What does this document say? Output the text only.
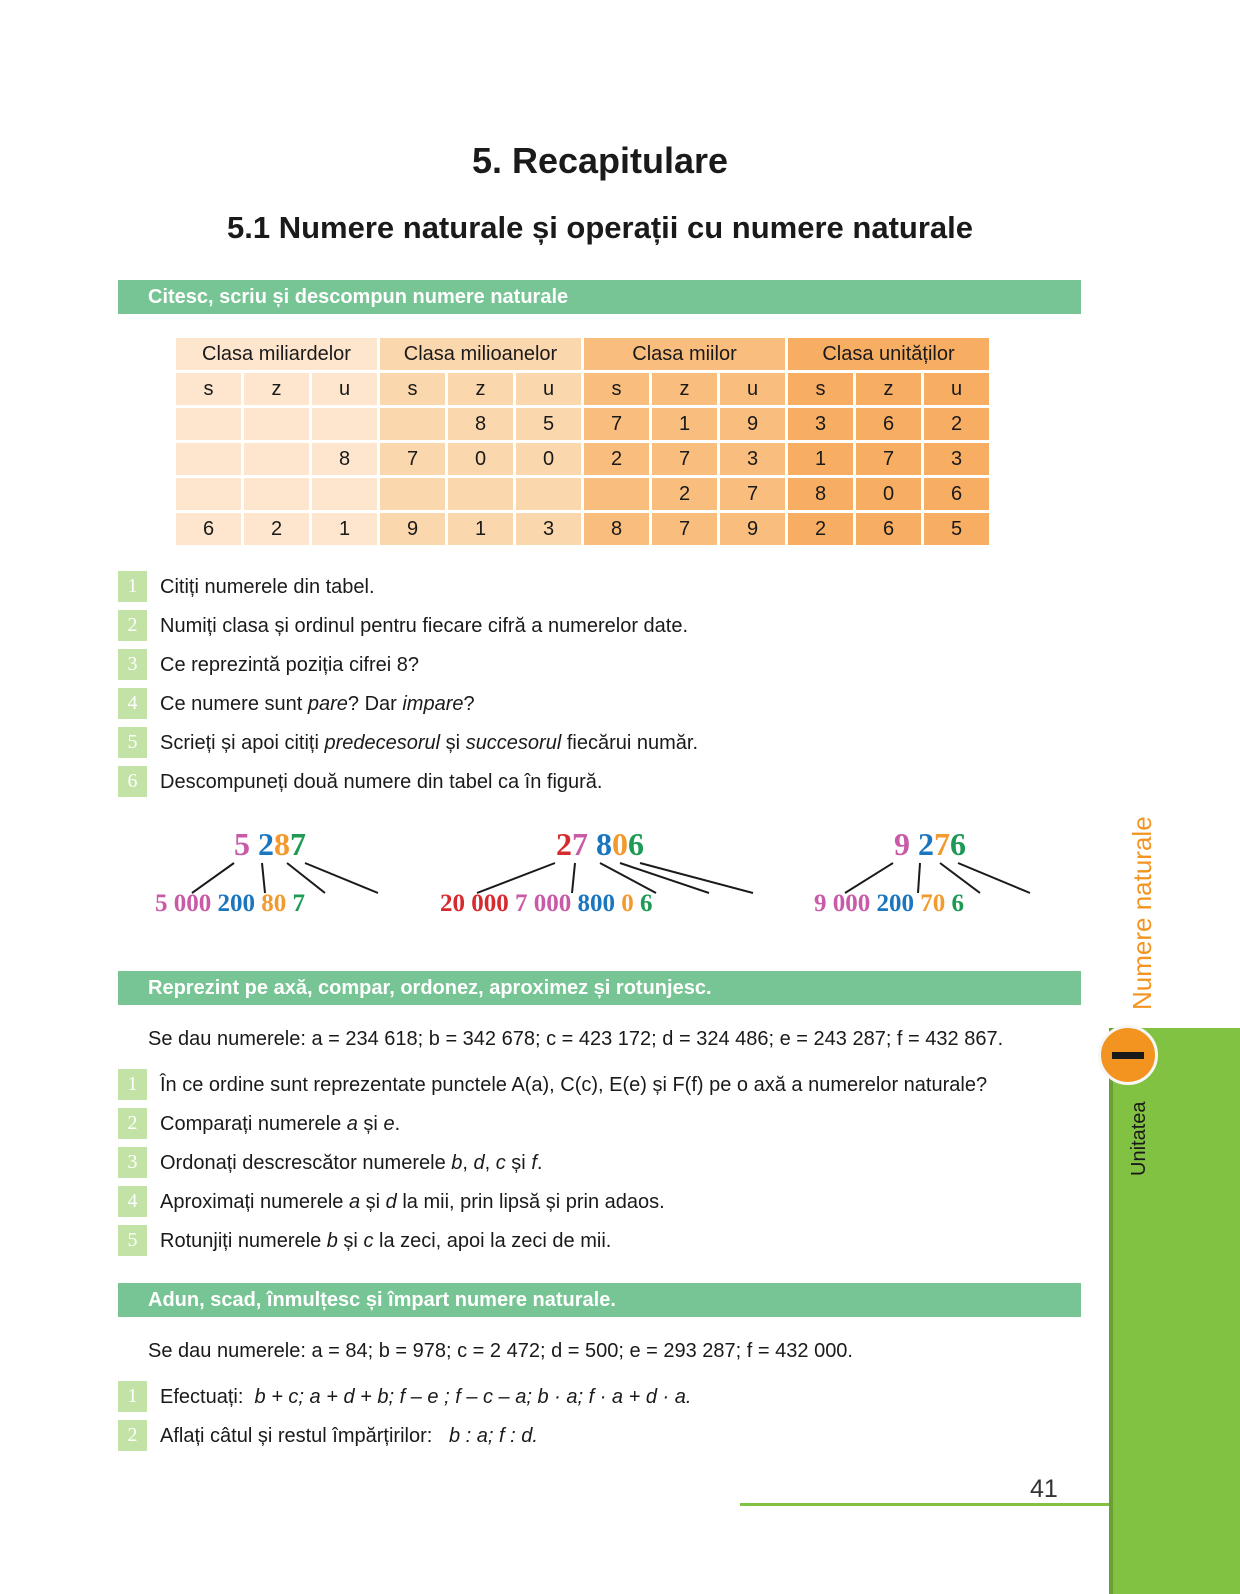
5. Recapitulare
5.1 Numere naturale și operații cu numere naturale
Citesc, scriu și descompun numere naturale
Clasa miliardelor			Clasa milioanelor			Clasa miilor			Clasa unităților		
s	z	u	s	z	u	s	z	u	s	z	u
				8	5	7	1	9	3	6	2
		8	7	0	0	2	7	3	1	7	3
							2	7	8	0	6
6	2	1	9	1	3	8	7	9	2	6	5
1	Citiți numerele din tabel.
2	Numiți clasa și ordinul pentru fiecare cifră a numerelor date.
3	Ce reprezintă poziția cifrei 8?
4	Ce numere sunt pare? Dar impare?
5	Scrieți și apoi citiți predecesorul și succesorul fiecărui număr.
6	Descompuneți două numere din tabel ca în figură.
5 287
5 000 200 80 7
27 806
20 000 7 000 800 0 6
9 276
9 000 200 70 6
Reprezint pe axă, compar, ordonez, aproximez și rotunjesc.
Se dau numerele: a = 234 618; b = 342 678; c = 423 172; d = 324 486; e = 243 287; f = 432 867.
1	În ce ordine sunt reprezentate punctele A(a), C(c), E(e) și F(f) pe o axă a numerelor naturale?
2	Comparați numerele a și e.
3	Ordonați descrescător numerele b, d, c și f.
4	Aproximați numerele a și d la mii, prin lipsă și prin adaos.
5	Rotunjiți numerele b și c la zeci, apoi la zeci de mii.
Adun, scad, înmulțesc și împart numere naturale.
Se dau numerele: a = 84; b = 978; c = 2 472; d = 500; e = 293 287; f = 432 000.
1	Efectuați: b + c; a + d + b; f – e ; f – c – a; b · a; f · a + d · a.
2	Aflați câtul și restul împărțirilor: b : a; f : d.
Numere naturale
Unitatea
41
